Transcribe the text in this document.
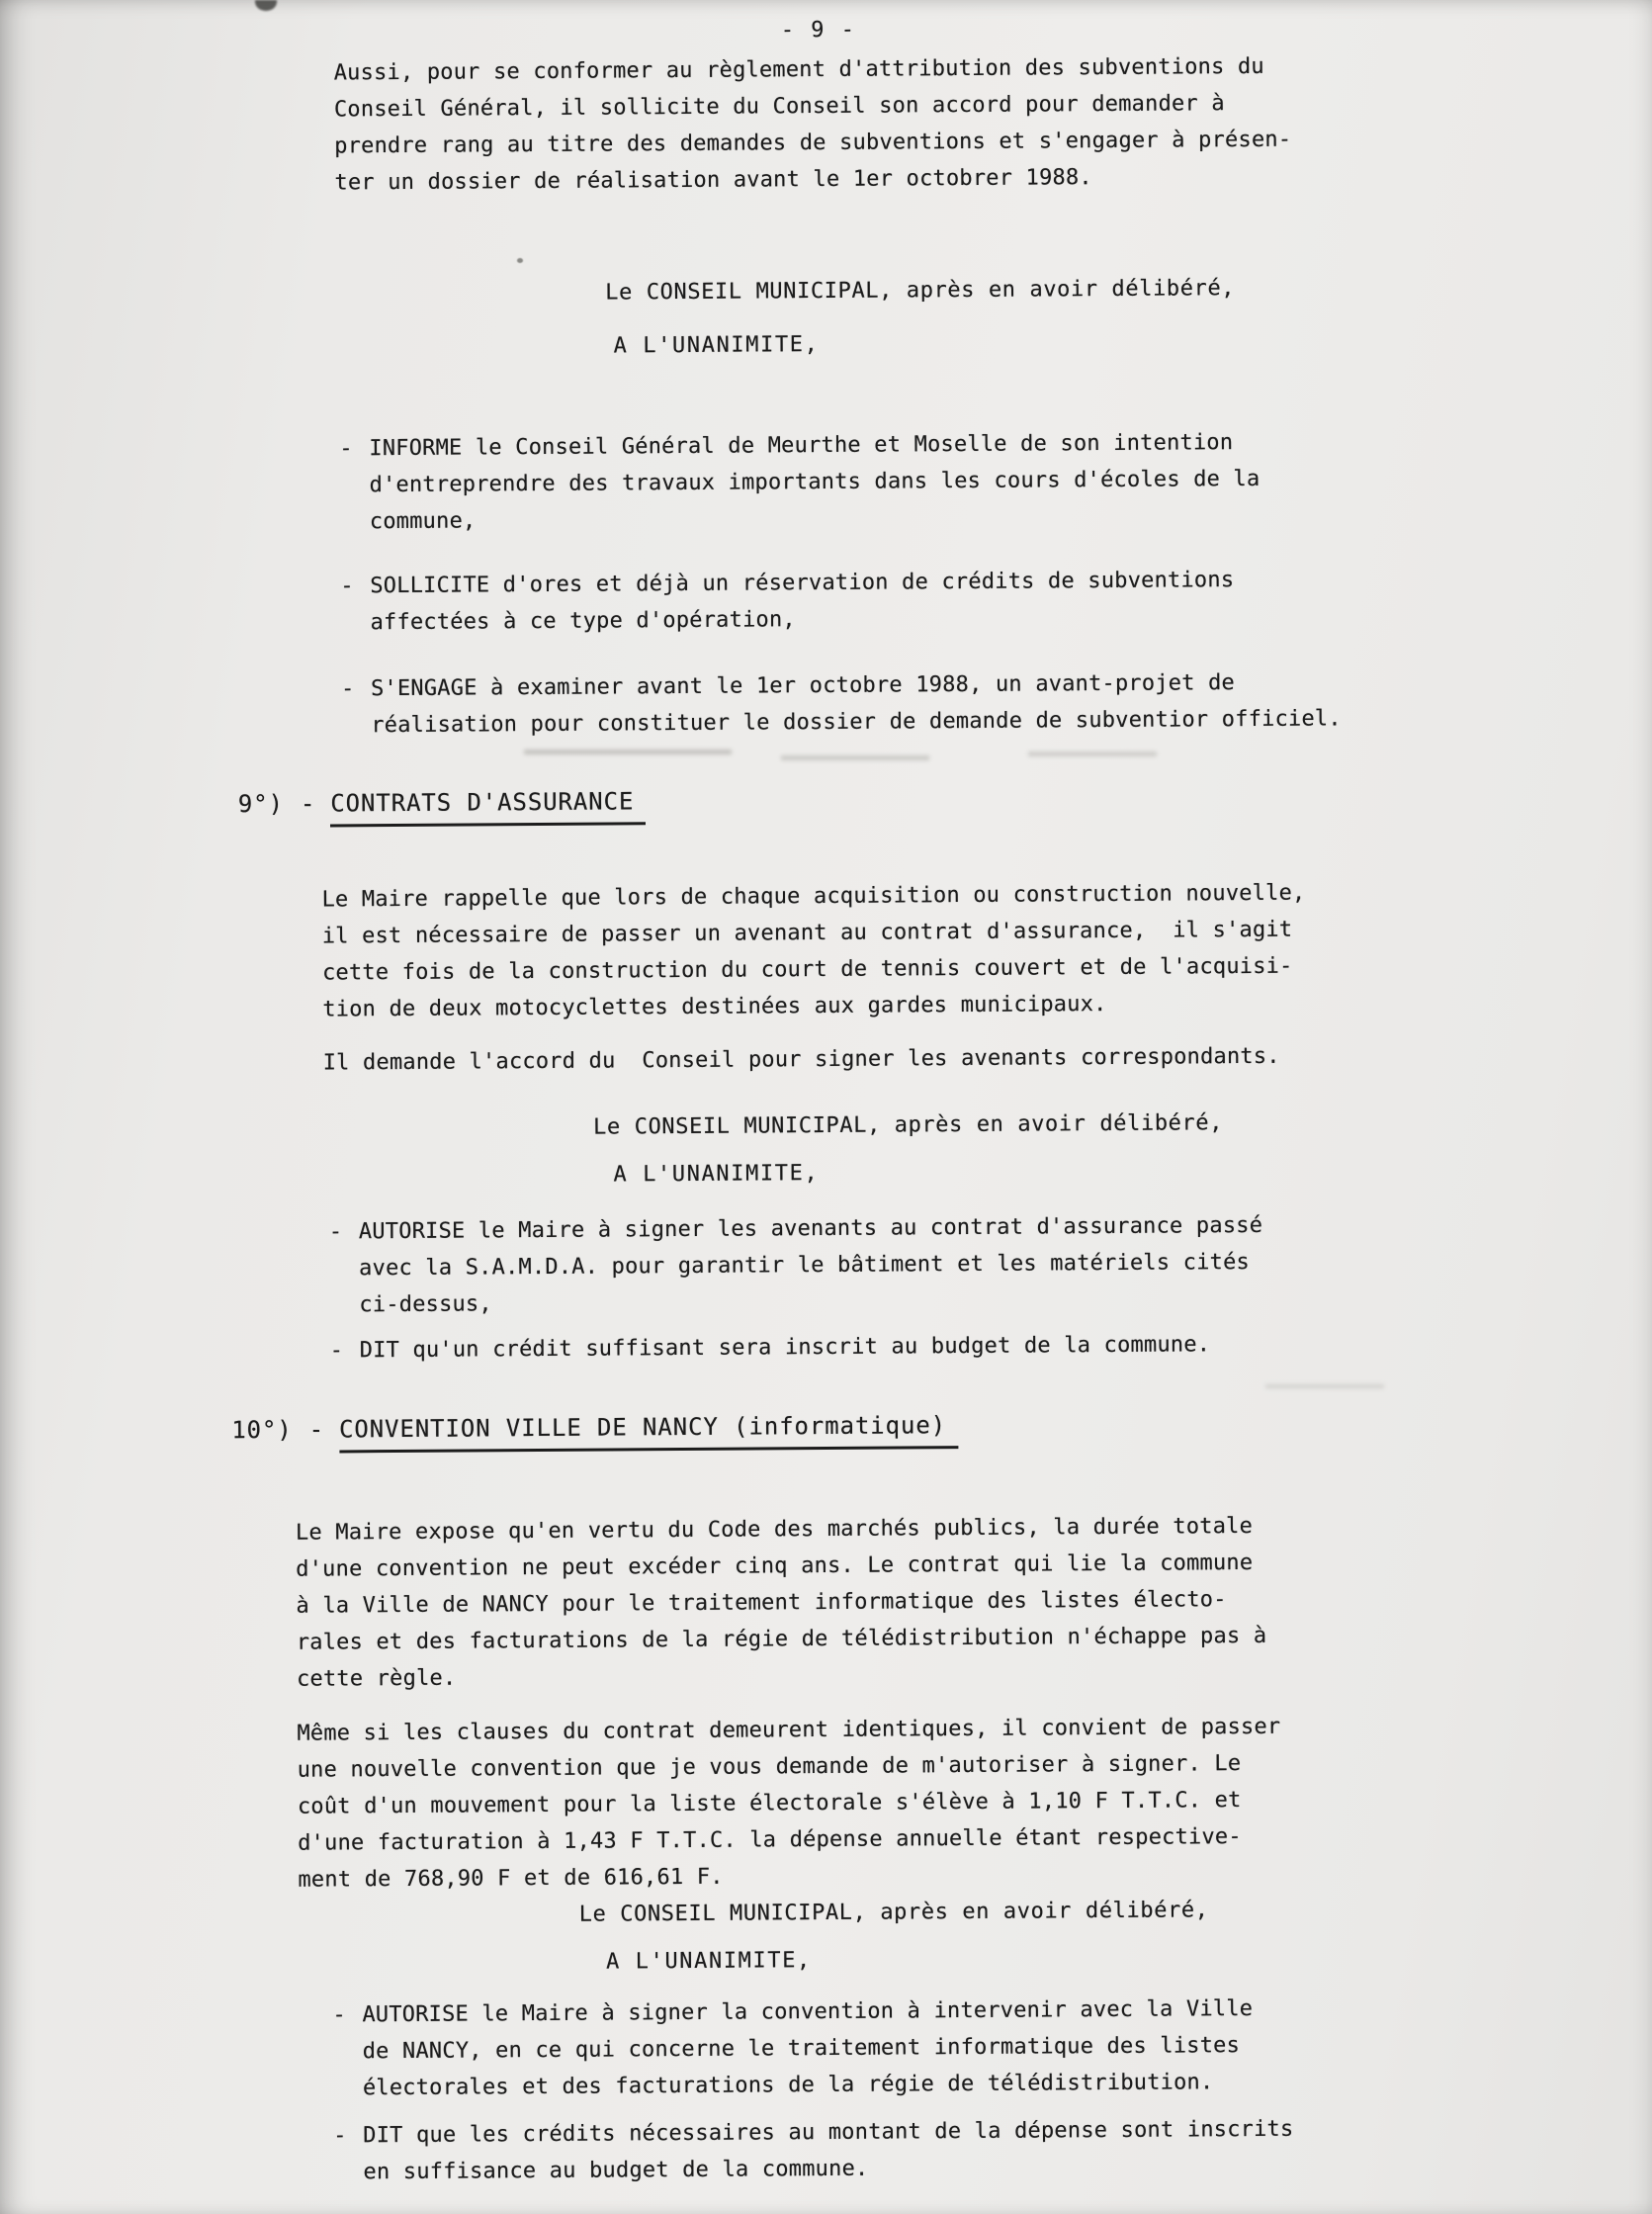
- 9 -
Aussi, pour se conformer au règlement d'attribution des subventions du
Conseil Général, il sollicite du Conseil son accord pour demander à
prendre rang au titre des demandes de subventions et s'engager à présen-
ter un dossier de réalisation avant le 1er octobrer 1988.
Le CONSEIL MUNICIPAL, après en avoir délibéré,
A L'UNANIMITE,
- INFORME le Conseil Général de Meurthe et Moselle de son intention
d'entreprendre des travaux importants dans les cours d'écoles de la
commune,
- SOLLICITE d'ores et déjà un réservation de crédits de subventions
affectées à ce type d'opération,
- S'ENGAGE à examiner avant le 1er octobre 1988, un avant-projet de
réalisation pour constituer le dossier de demande de subventior officiel.
9°) - CONTRATS D'ASSURANCE
Le Maire rappelle que lors de chaque acquisition ou construction nouvelle,
il est nécessaire de passer un avenant au contrat d'assurance,  il s'agit
cette fois de la construction du court de tennis couvert et de l'acquisi-
tion de deux motocyclettes destinées aux gardes municipaux.
Il demande l'accord du  Conseil pour signer les avenants correspondants.
Le CONSEIL MUNICIPAL, après en avoir délibéré,
A L'UNANIMITE,
- AUTORISE le Maire à signer les avenants au contrat d'assurance passé
avec la S.A.M.D.A. pour garantir le bâtiment et les matériels cités
ci-dessus,
- DIT qu'un crédit suffisant sera inscrit au budget de la commune.
10°) - CONVENTION VILLE DE NANCY (informatique)
Le Maire expose qu'en vertu du Code des marchés publics, la durée totale
d'une convention ne peut excéder cinq ans. Le contrat qui lie la commune
à la Ville de NANCY pour le traitement informatique des listes électo-
rales et des facturations de la régie de télédistribution n'échappe pas à
cette règle.
Même si les clauses du contrat demeurent identiques, il convient de passer
une nouvelle convention que je vous demande de m'autoriser à signer. Le
coût d'un mouvement pour la liste électorale s'élève à 1,10 F T.T.C. et
d'une facturation à 1,43 F T.T.C. la dépense annuelle étant respective-
ment de 768,90 F et de 616,61 F.
Le CONSEIL MUNICIPAL, après en avoir délibéré,
A L'UNANIMITE,
- AUTORISE le Maire à signer la convention à intervenir avec la Ville
de NANCY, en ce qui concerne le traitement informatique des listes
électorales et des facturations de la régie de télédistribution.
- DIT que les crédits nécessaires au montant de la dépense sont inscrits
en suffisance au budget de la commune.
